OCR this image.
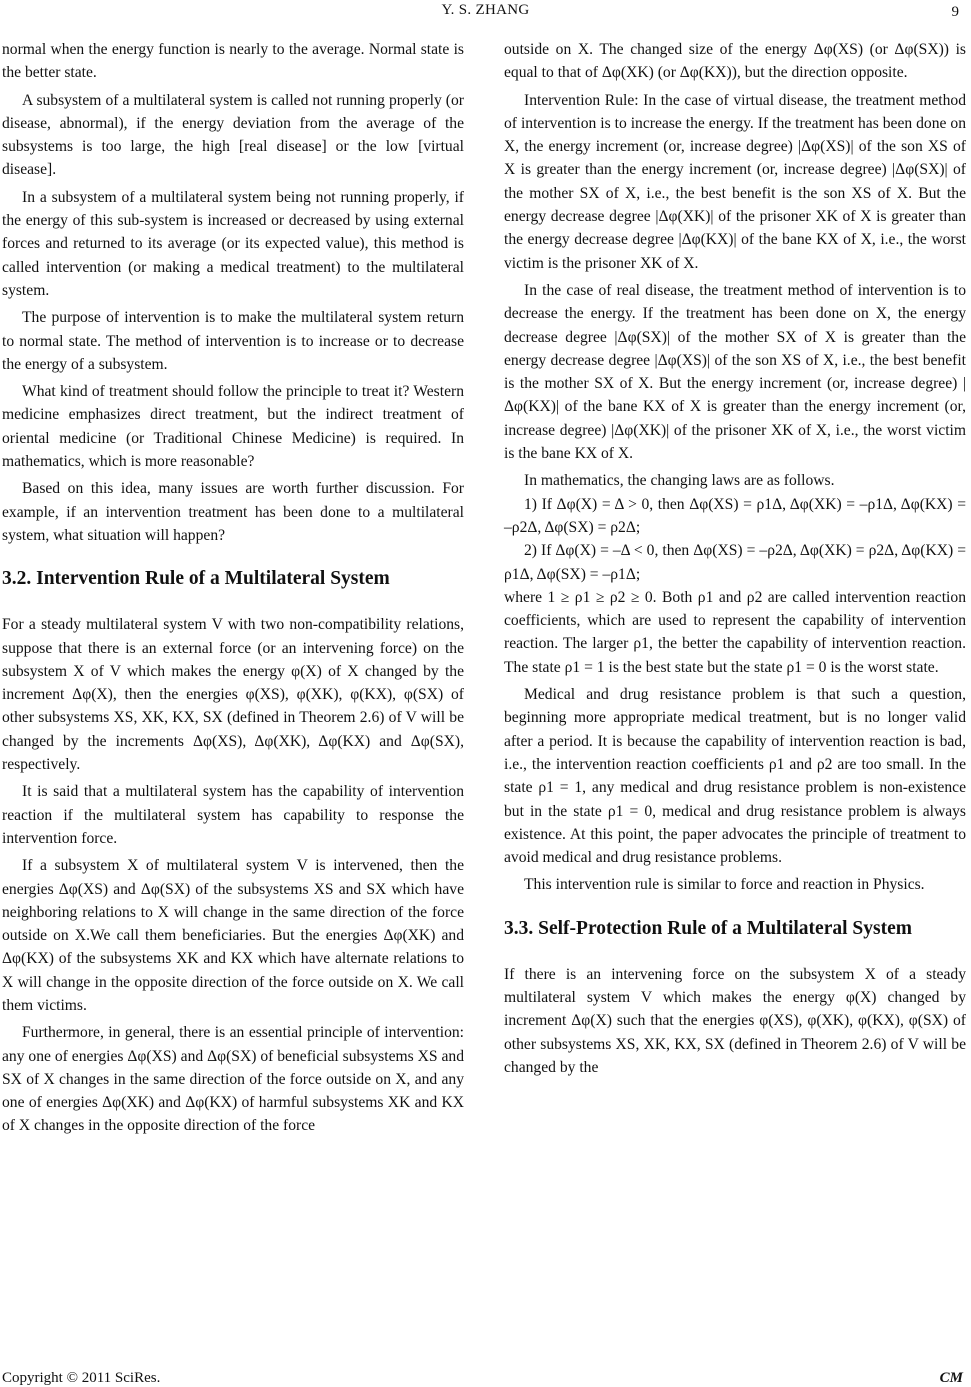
Y. S. ZHANG	9

normal when the energy function is nearly to the average. Normal state is the better state.

A subsystem of a multilateral system is called not running properly (or disease, abnormal), if the energy deviation from the average of the subsystems is too large, the high [real disease] or the low [virtual disease].

In a subsystem of a multilateral system being not running properly, if the energy of this sub-system is increased or decreased by using external forces and returned to its average (or its expected value), this method is called intervention (or making a medical treatment) to the multilateral system.

The purpose of intervention is to make the multilateral system return to normal state. The method of intervention is to increase or to decrease the energy of a subsystem.

What kind of treatment should follow the principle to treat it? Western medicine emphasizes direct treatment, but the indirect treatment of oriental medicine (or Traditional Chinese Medicine) is required. In mathematics, which is more reasonable?

Based on this idea, many issues are worth further discussion. For example, if an intervention treatment has been done to a multilateral system, what situation will happen?

3.2. Intervention Rule of a Multilateral System

For a steady multilateral system V with two non-compatibility relations, suppose that there is an external force (or an intervening force) on the subsystem X of V which makes the energy φ(X) of X changed by the increment Δφ(X), then the energies φ(XS), φ(XK), φ(KX), φ(SX) of other subsystems XS, XK, KX, SX (defined in Theorem 2.6) of V will be changed by the increments Δφ(XS), Δφ(XK), Δφ(KX) and Δφ(SX), respectively.

It is said that a multilateral system has the capability of intervention reaction if the multilateral system has capability to response the intervention force.

If a subsystem X of multilateral system V is intervened, then the energies Δφ(XS) and Δφ(SX) of the subsystems XS and SX which have neighboring relations to X will change in the same direction of the force outside on X.We call them beneficiaries. But the energies Δφ(XK) and Δφ(KX) of the subsystems XK and KX which have alternate relations to X will change in the opposite direction of the force outside on X. We call them victims.

Furthermore, in general, there is an essential principle of intervention: any one of energies Δφ(XS) and Δφ(SX) of beneficial subsystems XS and SX of X changes in the same direction of the force outside on X, and any one of energies Δφ(XK) and Δφ(KX) of harmful subsystems XK and KX of X changes in the opposite direction of the force

outside on X. The changed size of the energy Δφ(XS) (or Δφ(SX)) is equal to that of Δφ(XK) (or Δφ(KX)), but the direction opposite.

Intervention Rule: In the case of virtual disease, the treatment method of intervention is to increase the energy. If the treatment has been done on X, the energy increment (or, increase degree) |Δφ(XS)| of the son XS of X is greater than the energy increment (or, increase degree) |Δφ(SX)| of the mother SX of X, i.e., the best benefit is the son XS of X. But the energy decrease degree |Δφ(XK)| of the prisoner XK of X is greater than the energy decrease degree |Δφ(KX)| of the bane KX of X, i.e., the worst victim is the prisoner XK of X.

In the case of real disease, the treatment method of intervention is to decrease the energy. If the treatment has been done on X, the energy decrease degree |Δφ(SX)| of the mother SX of X is greater than the energy decrease degree |Δφ(XS)| of the son XS of X, i.e., the best benefit is the mother SX of X. But the energy increment (or, increase degree) |Δφ(KX)| of the bane KX of X is greater than the energy increment (or, increase degree) |Δφ(XK)| of the prisoner XK of X, i.e., the worst victim is the bane KX of X.

In mathematics, the changing laws are as follows.

1) If Δφ(X) = Δ > 0, then Δφ(XS) = ρ1Δ, Δφ(XK) = –ρ1Δ, Δφ(KX) = –ρ2Δ, Δφ(SX) = ρ2Δ;

2) If Δφ(X) = –Δ < 0, then Δφ(XS) = –ρ2Δ, Δφ(XK) = ρ2Δ, Δφ(KX) = ρ1Δ, Δφ(SX) = –ρ1Δ;

where 1 ≥ ρ1 ≥ ρ2 ≥ 0. Both ρ1 and ρ2 are called intervention reaction coefficients, which are used to represent the capability of intervention reaction. The larger ρ1, the better the capability of intervention reaction. The state ρ1 = 1 is the best state but the state ρ1 = 0 is the worst state.

Medical and drug resistance problem is that such a question, beginning more appropriate medical treatment, but is no longer valid after a period. It is because the capability of intervention reaction is bad, i.e., the intervention reaction coefficients ρ1 and ρ2 are too small. In the state ρ1 = 1, any medical and drug resistance problem is non-existence but in the state ρ1 = 0, medical and drug resistance problem is always existence. At this point, the paper advocates the principle of treatment to avoid medical and drug resistance problems.

This intervention rule is similar to force and reaction in Physics.

3.3. Self-Protection Rule of a Multilateral System

If there is an intervening force on the subsystem X of a steady multilateral system V which makes the energy φ(X) changed by increment Δφ(X) such that the energies φ(XS), φ(XK), φ(KX), φ(SX) of other subsystems XS, XK, KX, SX (defined in Theorem 2.6) of V will be changed by the

Copyright © 2011 SciRes.	CM
